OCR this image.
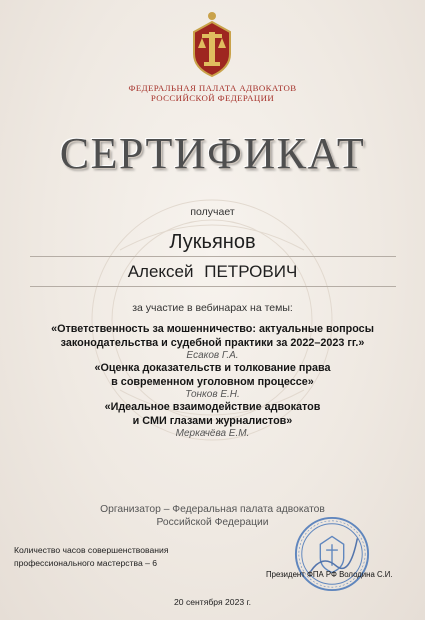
ФЕДЕРАЛЬНАЯ ПАЛАТА АДВОКАТОВ
РОССИЙСКОЙ ФЕДЕРАЦИИ
СЕРТИФИКАТ
получает
Лукьянов
Алексей ПЕТРОВИЧ
за участие в вебинарах на темы:
«Ответственность за мошенничество: актуальные вопросы
законодательства и судебной практики за 2022–2023 гг.»
Есаков Г.А.
«Оценка доказательств и толкование права
в современном уголовном процессе»
Тонков Е.Н.
«Идеальное взаимодействие адвокатов
и СМИ глазами журналистов»
Меркачёва Е.М.
Организатор – Федеральная палата адвокатов
Российской Федерации
Количество часов совершенствования
профессионального мастерства – 6
Президент ФПА РФ Володина С.И.
20 сентября 2023 г.
